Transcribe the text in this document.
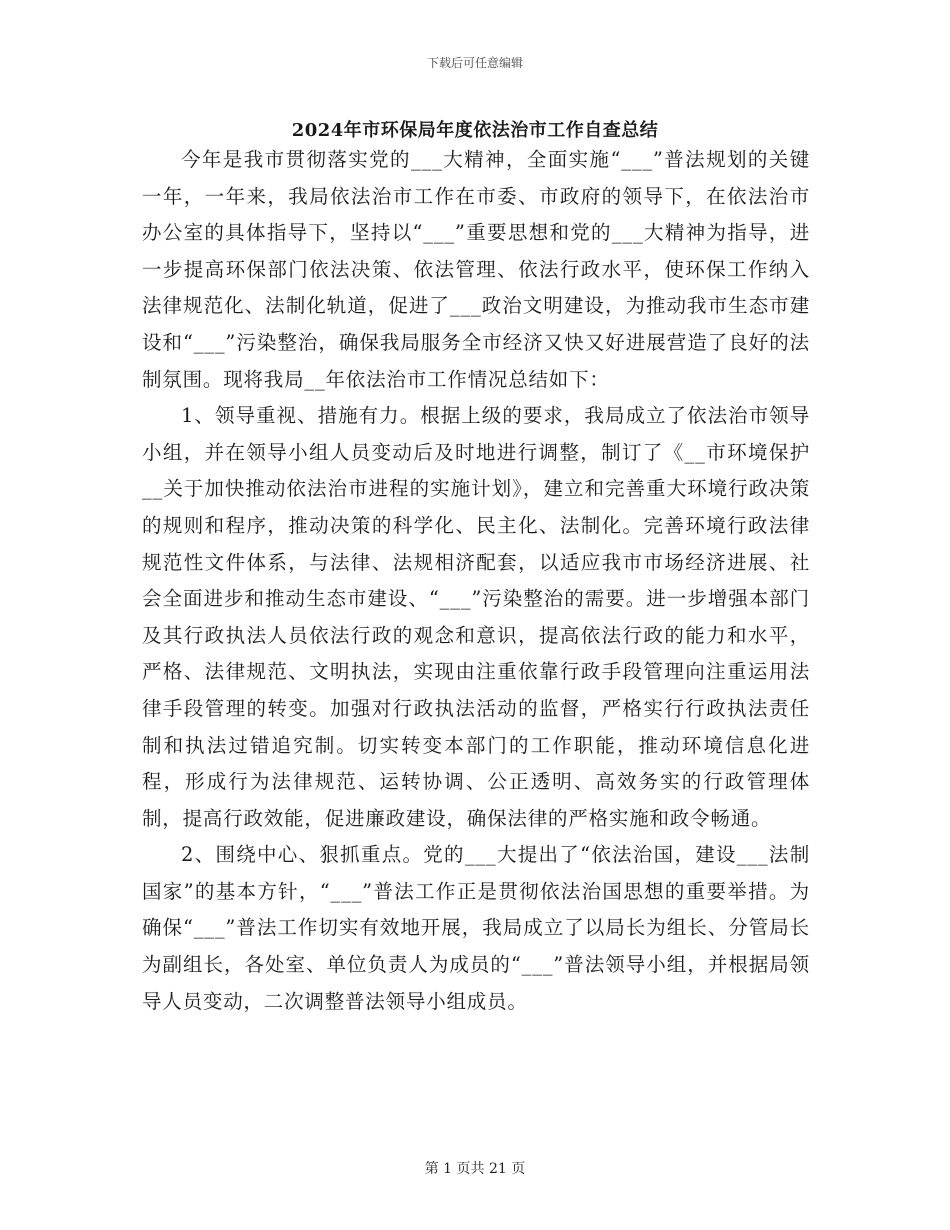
下载后可任意编辑
2024年市环保局年度依法治市工作自查总结

今年是我市贯彻落实党的___大精神，全面实施“___”普法规划的关键一年，一年来，我局依法治市工作在市委、市政府的领导下，在依法治市办公室的具体指导下，坚持以“___”重要思想和党的___大精神为指导，进一步提高环保部门依法决策、依法管理、依法行政水平，使环保工作纳入法律规范化、法制化轨道，促进了___政治文明建设，为推动我市生态市建设和“___”污染整治，确保我局服务全市经济又快又好进展营造了良好的法制氛围。现将我局__年依法治市工作情况总结如下：

1、领导重视、措施有力。根据上级的要求，我局成立了依法治市领导小组，并在领导小组人员变动后及时地进行调整，制订了《__市环境保护__关于加快推动依法治市进程的实施计划》，建立和完善重大环境行政决策的规则和程序，推动决策的科学化、民主化、法制化。完善环境行政法律规范性文件体系，与法律、法规相济配套，以适应我市市场经济进展、社会全面进步和推动生态市建设、“___”污染整治的需要。进一步增强本部门及其行政执法人员依法行政的观念和意识，提高依法行政的能力和水平，严格、法律规范、文明执法，实现由注重依靠行政手段管理向注重运用法律手段管理的转变。加强对行政执法活动的监督，严格实行行政执法责任制和执法过错追究制。切实转变本部门的工作职能，推动环境信息化进程，形成行为法律规范、运转协调、公正透明、高效务实的行政管理体制，提高行政效能，促进廉政建设，确保法律的严格实施和政令畅通。

2、围绕中心、狠抓重点。党的___大提出了“依法治国，建设___法制国家”的基本方针，“___”普法工作正是贯彻依法治国思想的重要举措。为确保“___”普法工作切实有效地开展，我局成立了以局长为组长、分管局长为副组长，各处室、单位负责人为成员的“___”普法领导小组，并根据局领导人员变动，二次调整普法领导小组成员。

第 1 页共 21 页
